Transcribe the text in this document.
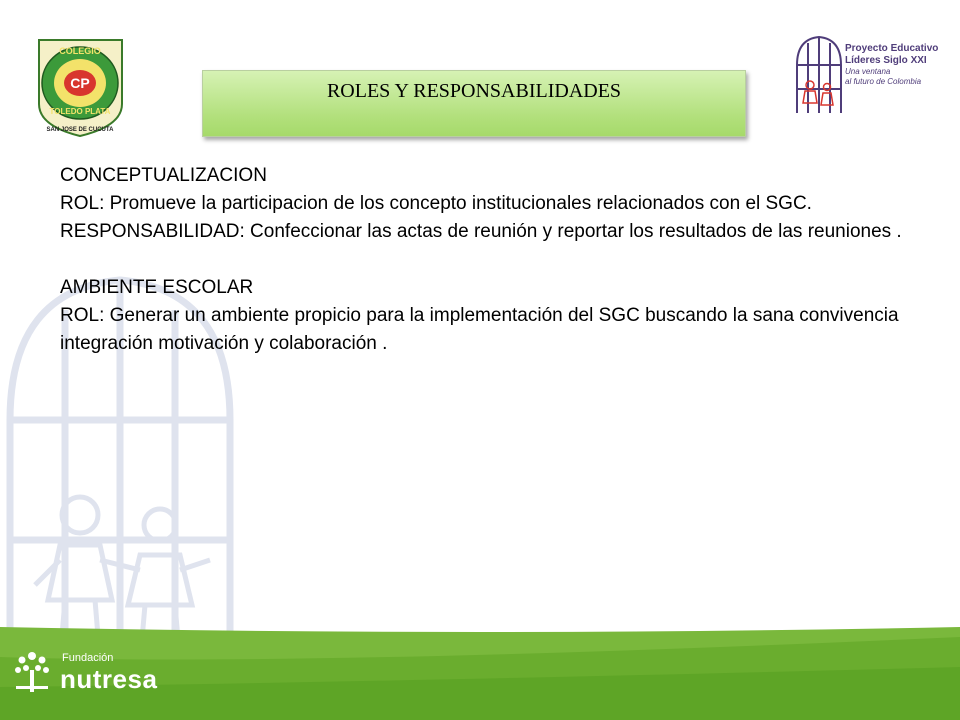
COLEGIO
CP
TOLEDO PLATA
SAN JOSE DE CUCUTA
ROLES Y RESPONSABILIDADES
Proyecto Educativo
Líderes Siglo XXI
Una ventana
al futuro de Colombia

CONCEPTUALIZACION

ROL: Promueve la participacion de los concepto institucionales relacionados con el SGC.

RESPONSABILIDAD: Confeccionar las actas de reunión y reportar los resultados de las reuniones .

AMBIENTE ESCOLAR

ROL: Generar un ambiente propicio para la implementación del SGC buscando la sana convivencia integración motivación y colaboración .

Fundación
nutresa
